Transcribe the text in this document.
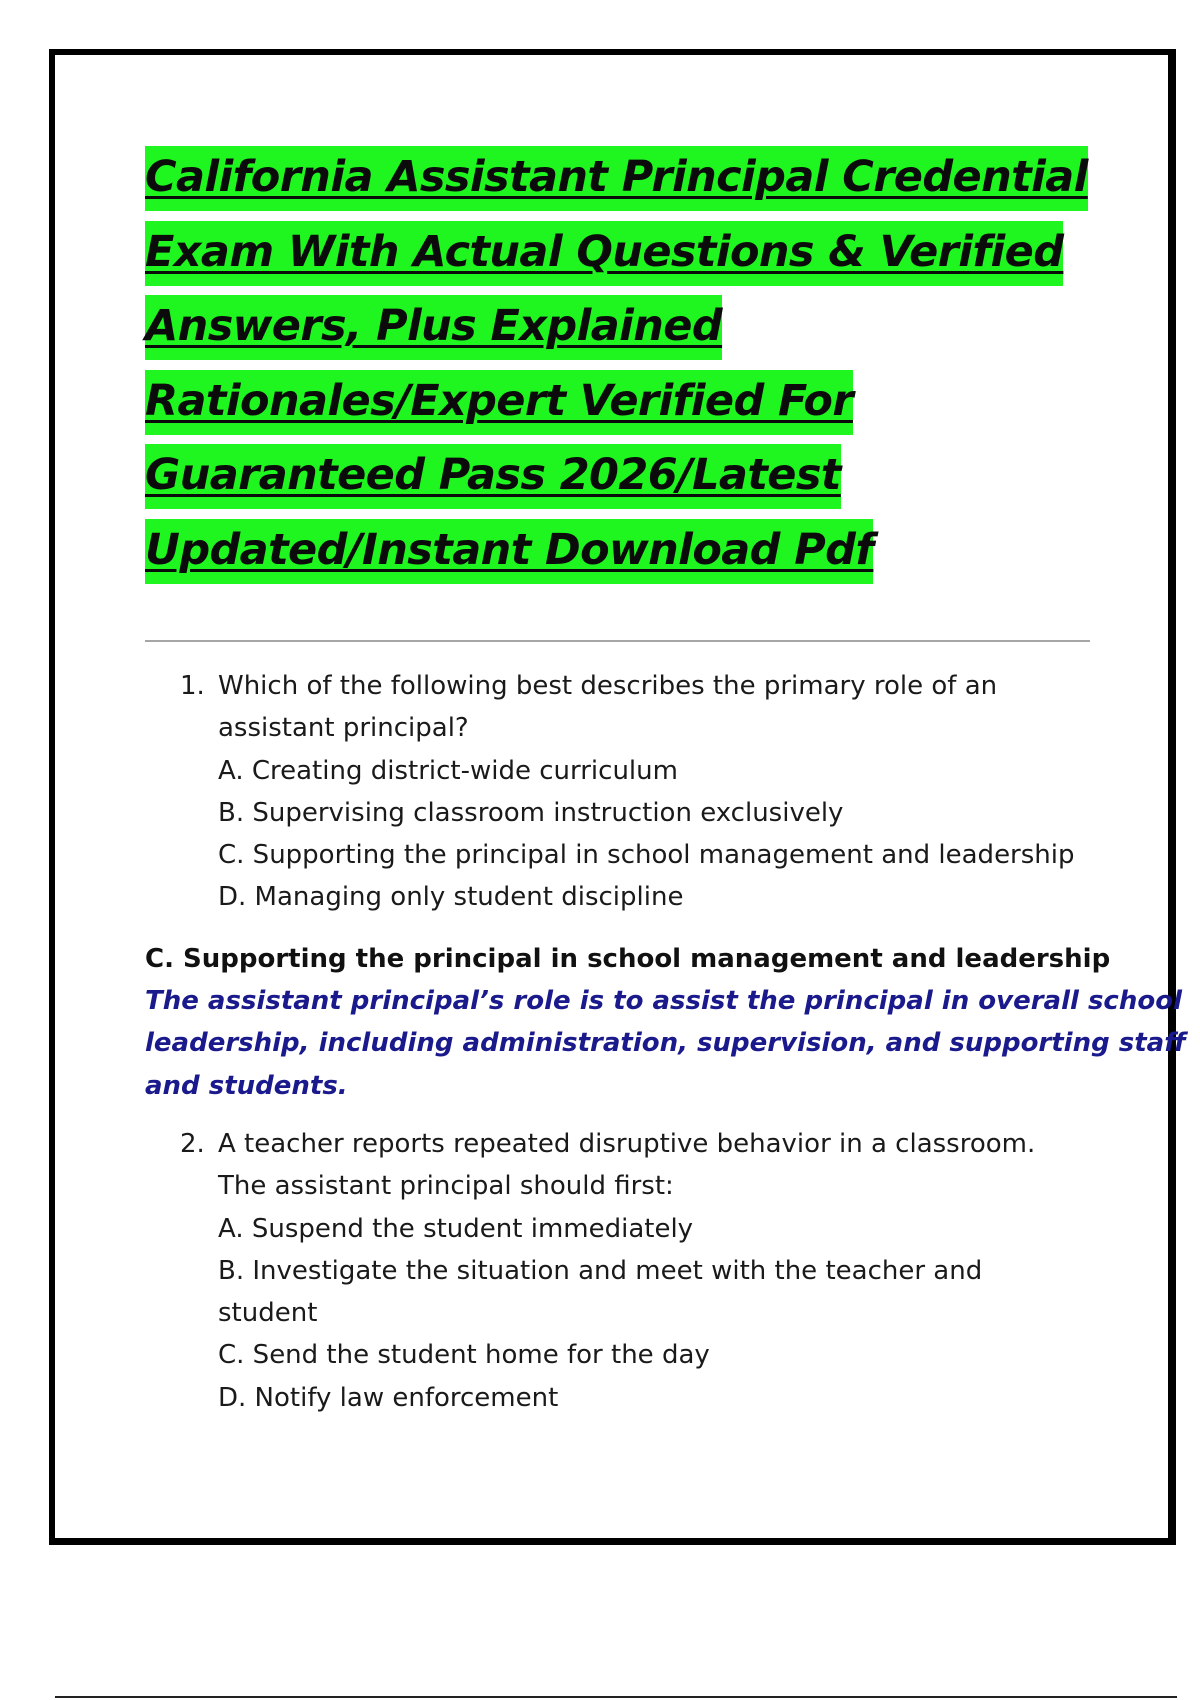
California Assistant Principal Credential
Exam With Actual Questions & Verified
Answers, Plus Explained
Rationales/Expert Verified For
Guaranteed Pass 2026/Latest
Updated/Instant Download Pdf
1. Which of the following best describes the primary role of an
assistant principal?
A. Creating district-wide curriculum
B. Supervising classroom instruction exclusively
C. Supporting the principal in school management and leadership
D. Managing only student discipline
C. Supporting the principal in school management and leadership
The assistant principal’s role is to assist the principal in overall school
leadership, including administration, supervision, and supporting staff
and students.
2. A teacher reports repeated disruptive behavior in a classroom.
The assistant principal should first:
A. Suspend the student immediately
B. Investigate the situation and meet with the teacher and
student
C. Send the student home for the day
D. Notify law enforcement
